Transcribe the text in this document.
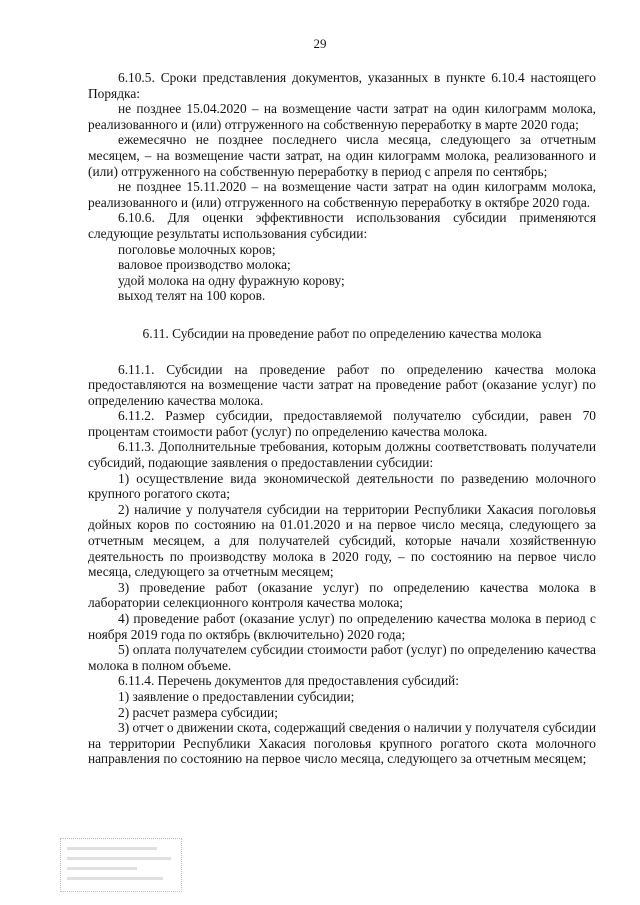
29

6.10.5. Сроки представления документов, указанных в пункте 6.10.4 настоящего Порядка:

не позднее 15.04.2020 – на возмещение части затрат на один килограмм молока, реализованного и (или) отгруженного на собственную переработку в марте 2020 года;

ежемесячно не позднее последнего числа месяца, следующего за отчетным месяцем, – на возмещение части затрат, на один килограмм молока, реализованного и (или) отгруженного на собственную переработку в период с апреля по сентябрь;

не позднее 15.11.2020 – на возмещение части затрат на один килограмм молока, реализованного и (или) отгруженного на собственную переработку в октябре 2020 года.

6.10.6. Для оценки эффективности использования субсидии применяются следующие результаты использования субсидии:

поголовье молочных коров;

валовое производство молока;

удой молока на одну фуражную корову;

выход телят на 100 коров.

6.11. Субсидии на проведение работ по определению качества молока

6.11.1. Субсидии на проведение работ по определению качества молока предоставляются на возмещение части затрат на проведение работ (оказание услуг) по определению качества молока.

6.11.2. Размер субсидии, предоставляемой получателю субсидии, равен 70 процентам стоимости работ (услуг) по определению качества молока.

6.11.3. Дополнительные требования, которым должны соответствовать получатели субсидий, подающие заявления о предоставлении субсидии:

1) осуществление вида экономической деятельности по разведению молочного крупного рогатого скота;

2) наличие у получателя субсидии на территории Республики Хакасия поголовья дойных коров по состоянию на 01.01.2020 и на первое число месяца, следующего за отчетным месяцем, а для получателей субсидий, которые начали хозяйственную деятельность по производству молока в 2020 году, – по состоянию на первое число месяца, следующего за отчетным месяцем;

3) проведение работ (оказание услуг) по определению качества молока в лаборатории селекционного контроля качества молока;

4) проведение работ (оказание услуг) по определению качества молока в период с ноября 2019 года по октябрь (включительно) 2020 года;

5) оплата получателем субсидии стоимости работ (услуг) по определению качества молока в полном объеме.

6.11.4. Перечень документов для предоставления субсидий:

1) заявление о предоставлении субсидии;

2) расчет размера субсидии;

3) отчет о движении скота, содержащий сведения о наличии у получателя субсидии на территории Республики Хакасия поголовья крупного рогатого скота молочного направления по состоянию на первое число месяца, следующего за отчетным месяцем;
